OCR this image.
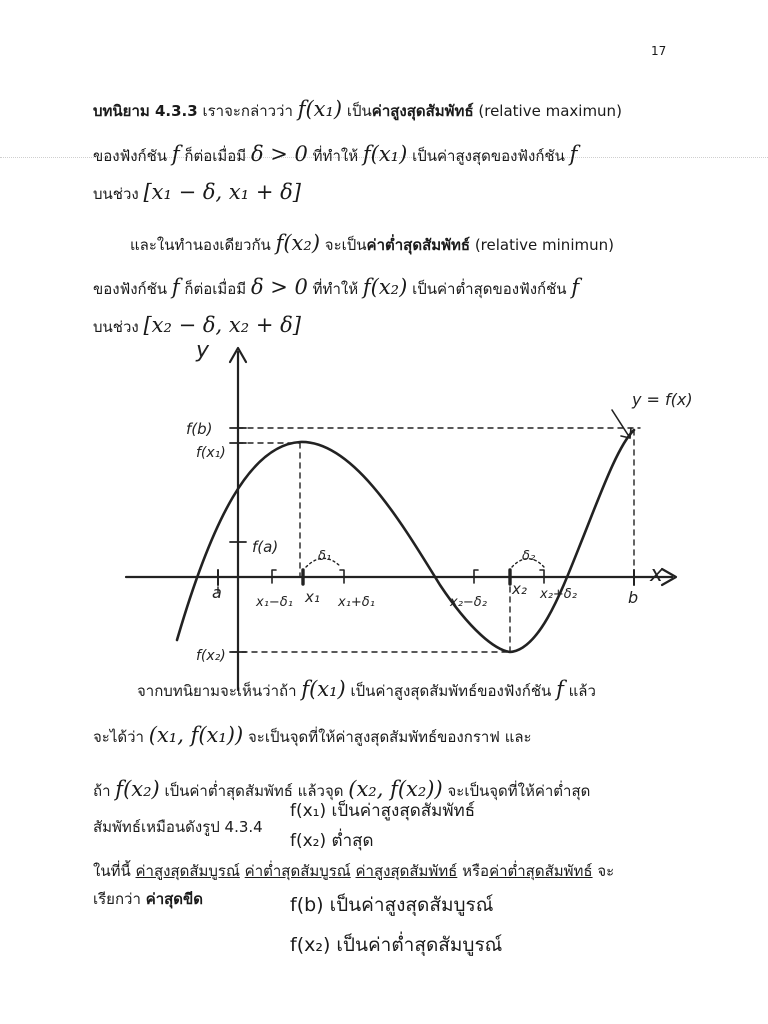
17
บทนิยาม 4.3.3 เราจะกล่าวว่า f(x₁) เป็นค่าสูงสุดสัมพัทธ์ (relative maximun)
ของฟังก์ชัน f ก็ต่อเมื่อมี δ > 0 ที่ทำให้ f(x₁) เป็นค่าสูงสุดของฟังก์ชัน f
บนช่วง [x₁ − δ, x₁ + δ]
และในทำนองเดียวกัน f(x₂) จะเป็นค่าต่ำสุดสัมพัทธ์ (relative minimun)
ของฟังก์ชัน f ก็ต่อเมื่อมี δ > 0 ที่ทำให้ f(x₂) เป็นค่าต่ำสุดของฟังก์ชัน f
บนช่วง [x₂ − δ, x₂ + δ]
y
x
y = f(x)
f(b)
f(x₁)
f(a)
f(x₂)
a	b
x₁−δ₁ x₁ x₁+δ₁
δ₁
x₂−δ₂
x₂ x₂+δ₂
δ₂
จากบทนิยามจะเห็นว่าถ้า f(x₁) เป็นค่าสูงสุดสัมพัทธ์ของฟังก์ชัน f แล้ว
จะได้ว่า (x₁, f(x₁)) จะเป็นจุดที่ให้ค่าสูงสุดสัมพัทธ์ของกราฟ และ
ถ้า f(x₂) เป็นค่าต่ำสุดสัมพัทธ์ แล้วจุด (x₂, f(x₂)) จะเป็นจุดที่ให้ค่าต่ำสุด
สัมพัทธ์เหมือนดังรูป 4.3.4
f(x₁) เป็นค่าสูงสุดสัมพัทธ์
f(x₂) ต่ำสุด
ในที่นี้ ค่าสูงสุดสัมบูรณ์ ค่าต่ำสุดสัมบูรณ์ ค่าสูงสุดสัมพัทธ์ หรือค่าต่ำสุดสัมพัทธ์ จะ
เรียกว่า ค่าสุดขีด	f(b) เป็นค่าสูงสุดสัมบูรณ์
f(x₂) เป็นค่าต่ำสุดสัมบูรณ์
